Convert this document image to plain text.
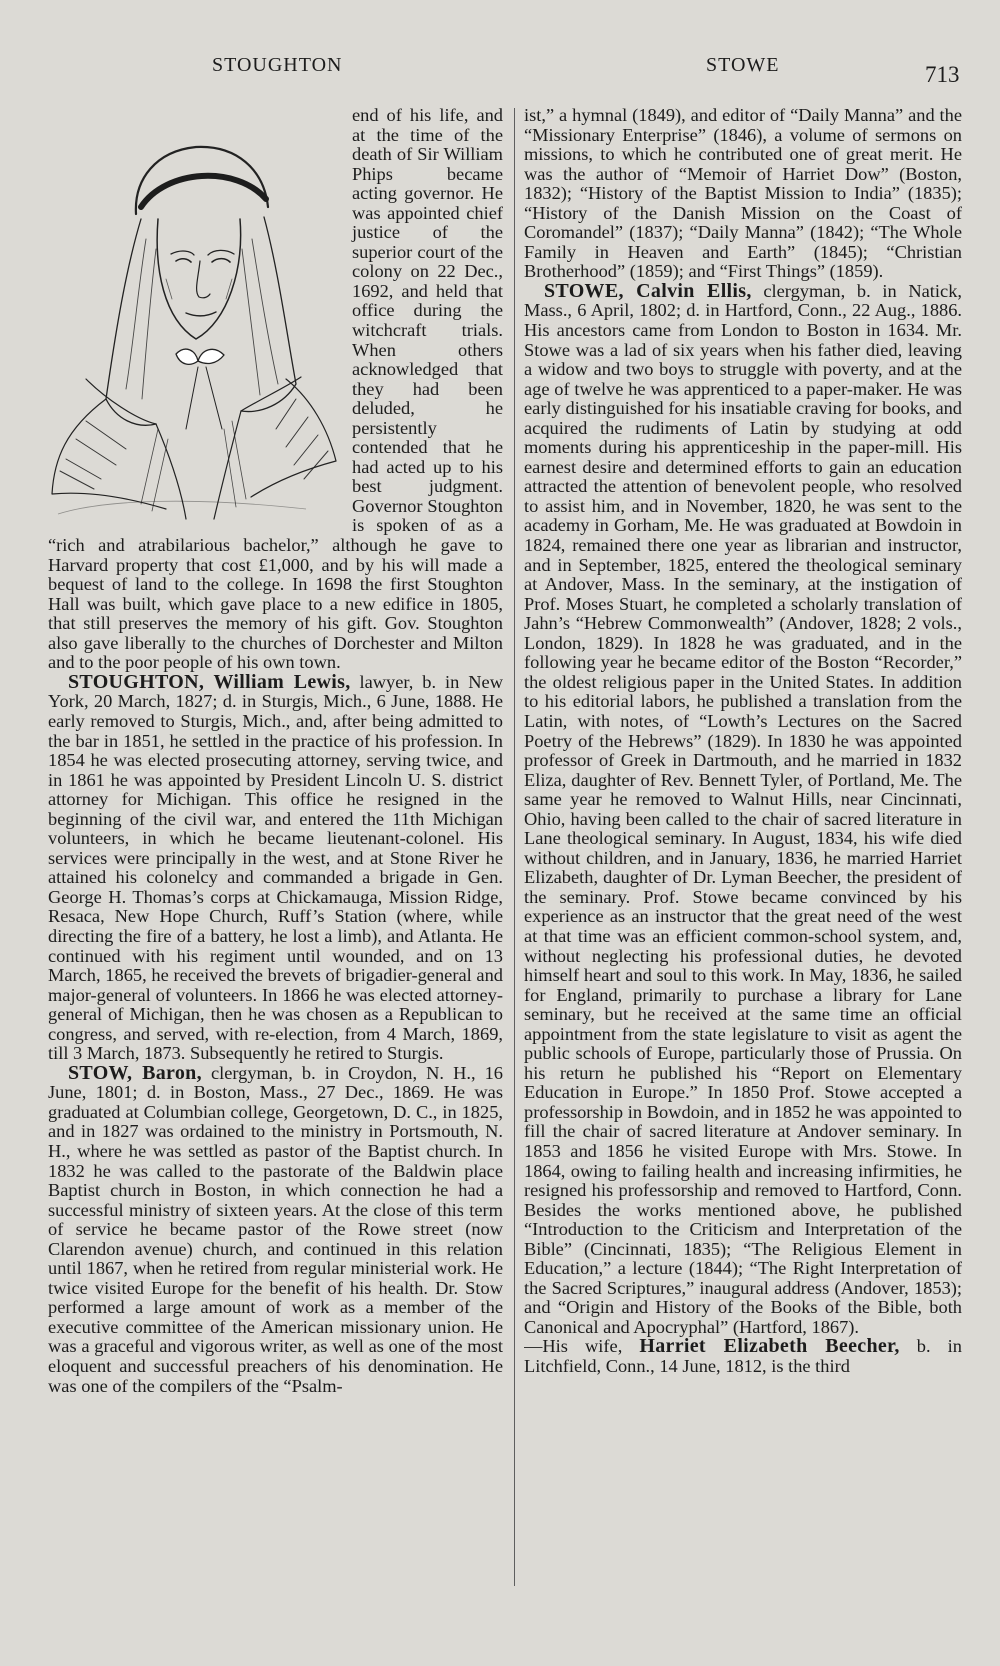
STOUGHTON	STOWE	713

end of his life, and at the time of the death of Sir William Phips became acting governor. He was appointed chief justice of the superior court of the colony on 22 Dec., 1692, and held that office during the witchcraft trials. When others acknowledged that they had been deluded, he persistently contended that he had acted up to his best judgment. Governor Stoughton is spoken of as a “rich and atrabilarious bachelor,” although he gave to Harvard property that cost £1,000, and by his will made a bequest of land to the college. In 1698 the first Stoughton Hall was built, which gave place to a new edifice in 1805, that still preserves the memory of his gift. Gov. Stoughton also gave liberally to the churches of Dorchester and Milton and to the poor people of his own town.

STOUGHTON, William Lewis, lawyer, b. in New York, 20 March, 1827; d. in Sturgis, Mich., 6 June, 1888. He early removed to Sturgis, Mich., and, after being admitted to the bar in 1851, he settled in the practice of his profession. In 1854 he was elected prosecuting attorney, serving twice, and in 1861 he was appointed by President Lincoln U. S. district attorney for Michigan. This office he resigned in the beginning of the civil war, and entered the 11th Michigan volunteers, in which he became lieutenant-colonel. His services were principally in the west, and at Stone River he attained his colonelcy and commanded a brigade in Gen. George H. Thomas’s corps at Chickamauga, Mission Ridge, Resaca, New Hope Church, Ruff’s Station (where, while directing the fire of a battery, he lost a limb), and Atlanta. He continued with his regiment until wounded, and on 13 March, 1865, he received the brevets of brigadier-general and major-general of volunteers. In 1866 he was elected attorney-general of Michigan, then he was chosen as a Republican to congress, and served, with re-election, from 4 March, 1869, till 3 March, 1873. Subsequently he retired to Sturgis.

STOW, Baron, clergyman, b. in Croydon, N. H., 16 June, 1801; d. in Boston, Mass., 27 Dec., 1869. He was graduated at Columbian college, Georgetown, D. C., in 1825, and in 1827 was ordained to the ministry in Portsmouth, N. H., where he was settled as pastor of the Baptist church. In 1832 he was called to the pastorate of the Baldwin place Baptist church in Boston, in which connection he had a successful ministry of sixteen years. At the close of this term of service he became pastor of the Rowe street (now Clarendon avenue) church, and continued in this relation until 1867, when he retired from regular ministerial work. He twice visited Europe for the benefit of his health. Dr. Stow performed a large amount of work as a member of the executive committee of the American missionary union. He was a graceful and vigorous writer, as well as one of the most eloquent and successful preachers of his denomination. He was one of the compilers of the “Psalm-

ist,” a hymnal (1849), and editor of “Daily Manna” and the “Missionary Enterprise” (1846), a volume of sermons on missions, to which he contributed one of great merit. He was the author of “Memoir of Harriet Dow” (Boston, 1832); “History of the Baptist Mission to India” (1835); “History of the Danish Mission on the Coast of Coromandel” (1837); “Daily Manna” (1842); “The Whole Family in Heaven and Earth” (1845); “Christian Brotherhood” (1859); and “First Things” (1859).

STOWE, Calvin Ellis, clergyman, b. in Natick, Mass., 6 April, 1802; d. in Hartford, Conn., 22 Aug., 1886. His ancestors came from London to Boston in 1634. Mr. Stowe was a lad of six years when his father died, leaving a widow and two boys to struggle with poverty, and at the age of twelve he was apprenticed to a paper-maker. He was early distinguished for his insatiable craving for books, and acquired the rudiments of Latin by studying at odd moments during his apprenticeship in the paper-mill. His earnest desire and determined efforts to gain an education attracted the attention of benevolent people, who resolved to assist him, and in November, 1820, he was sent to the academy in Gorham, Me. He was graduated at Bowdoin in 1824, remained there one year as librarian and instructor, and in September, 1825, entered the theological seminary at Andover, Mass. In the seminary, at the instigation of Prof. Moses Stuart, he completed a scholarly translation of Jahn’s “Hebrew Commonwealth” (Andover, 1828; 2 vols., London, 1829). In 1828 he was graduated, and in the following year he became editor of the Boston “Recorder,” the oldest religious paper in the United States. In addition to his editorial labors, he published a translation from the Latin, with notes, of “Lowth’s Lectures on the Sacred Poetry of the Hebrews” (1829). In 1830 he was appointed professor of Greek in Dartmouth, and he married in 1832 Eliza, daughter of Rev. Bennett Tyler, of Portland, Me. The same year he removed to Walnut Hills, near Cincinnati, Ohio, having been called to the chair of sacred literature in Lane theological seminary. In August, 1834, his wife died without children, and in January, 1836, he married Harriet Elizabeth, daughter of Dr. Lyman Beecher, the president of the seminary. Prof. Stowe became convinced by his experience as an instructor that the great need of the west at that time was an efficient common-school system, and, without neglecting his professional duties, he devoted himself heart and soul to this work. In May, 1836, he sailed for England, primarily to purchase a library for Lane seminary, but he received at the same time an official appointment from the state legislature to visit as agent the public schools of Europe, particularly those of Prussia. On his return he published his “Report on Elementary Education in Europe.” In 1850 Prof. Stowe accepted a professorship in Bowdoin, and in 1852 he was appointed to fill the chair of sacred literature at Andover seminary. In 1853 and 1856 he visited Europe with Mrs. Stowe. In 1864, owing to failing health and increasing infirmities, he resigned his professorship and removed to Hartford, Conn. Besides the works mentioned above, he published “Introduction to the Criticism and Interpretation of the Bible” (Cincinnati, 1835); “The Religious Element in Education,” a lecture (1844); “The Right Interpretation of the Sacred Scriptures,” inaugural address (Andover, 1853); and “Origin and History of the Books of the Bible, both Canonical and Apocryphal” (Hartford, 1867).

—His wife, Harriet Elizabeth Beecher, b. in Litchfield, Conn., 14 June, 1812, is the third
